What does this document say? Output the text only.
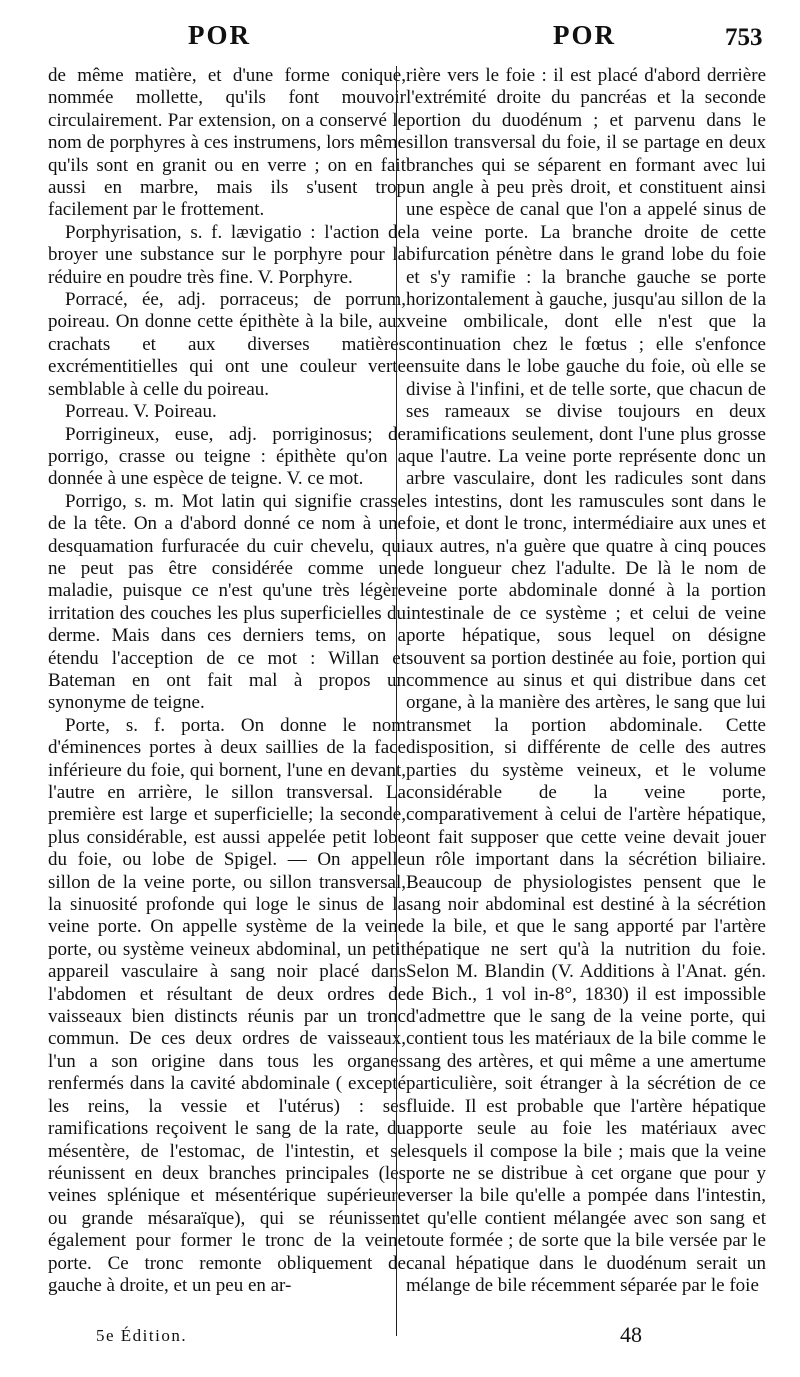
POR	POR	753

de même matière, et d'une forme conique, nommée mollette, qu'ils font mouvoir circulairement. Par extension, on a conservé le nom de porphyres à ces instrumens, lors même qu'ils sont en granit ou en verre ; on en fait aussi en marbre, mais ils s'usent trop facilement par le frottement.

Porphyrisation, s. f. lævigatio : l'action de broyer une substance sur le porphyre pour la réduire en poudre très fine. V. Porphyre.

Porracé, ée, adj. porraceus; de porrum, poireau. On donne cette épithète à la bile, aux crachats et aux diverses matières excrémentitielles qui ont une couleur verte semblable à celle du poireau.

Porreau. V. Poireau.

Porrigineux, euse, adj. porriginosus; de porrigo, crasse ou teigne : épithète qu'on a donnée à une espèce de teigne. V. ce mot.

Porrigo, s. m. Mot latin qui signifie crasse de la tête. On a d'abord donné ce nom à une desquamation furfuracée du cuir chevelu, qui ne peut pas être considérée comme une maladie, puisque ce n'est qu'une très légère irritation des couches les plus superficielles du derme. Mais dans ces derniers tems, on a étendu l'acception de ce mot : Willan et Bateman en ont fait mal à propos un synonyme de teigne.

Porte, s. f. porta. On donne le nom d'éminences portes à deux saillies de la face inférieure du foie, qui bornent, l'une en devant, l'autre en arrière, le sillon transversal. La première est large et superficielle; la seconde, plus considérable, est aussi appelée petit lobe du foie, ou lobe de Spigel. — On appelle sillon de la veine porte, ou sillon transversal, la sinuosité profonde qui loge le sinus de la veine porte. On appelle système de la veine porte, ou système veineux abdominal, un petit appareil vasculaire à sang noir placé dans l'abdomen et résultant de deux ordres de vaisseaux bien distincts réunis par un tronc commun. De ces deux ordres de vaisseaux, l'un a son origine dans tous les organes renfermés dans la cavité abdominale ( excepté les reins, la vessie et l'utérus) : ses ramifications reçoivent le sang de la rate, du mésentère, de l'estomac, de l'intestin, et se réunissent en deux branches principales (les veines splénique et mésentérique supérieure ou grande mésaraïque), qui se réunissent également pour former le tronc de la veine porte. Ce tronc remonte obliquement de gauche à droite, et un peu en ar-

rière vers le foie : il est placé d'abord derrière l'extrémité droite du pancréas et la seconde portion du duodénum ; et parvenu dans le sillon transversal du foie, il se partage en deux branches qui se séparent en formant avec lui un angle à peu près droit, et constituent ainsi une espèce de canal que l'on a appelé sinus de la veine porte. La branche droite de cette bifurcation pénètre dans le grand lobe du foie et s'y ramifie : la branche gauche se porte horizontalement à gauche, jusqu'au sillon de la veine ombilicale, dont elle n'est que la continuation chez le fœtus ; elle s'enfonce ensuite dans le lobe gauche du foie, où elle se divise à l'infini, et de telle sorte, que chacun de ses rameaux se divise toujours en deux ramifications seulement, dont l'une plus grosse que l'autre. La veine porte représente donc un arbre vasculaire, dont les radicules sont dans les intestins, dont les ramuscules sont dans le foie, et dont le tronc, intermédiaire aux unes et aux autres, n'a guère que quatre à cinq pouces de longueur chez l'adulte. De là le nom de veine porte abdominale donné à la portion intestinale de ce système ; et celui de veine porte hépatique, sous lequel on désigne souvent sa portion destinée au foie, portion qui commence au sinus et qui distribue dans cet organe, à la manière des artères, le sang que lui transmet la portion abdominale. Cette disposition, si différente de celle des autres parties du système veineux, et le volume considérable de la veine porte, comparativement à celui de l'artère hépatique, ont fait supposer que cette veine devait jouer un rôle important dans la sécrétion biliaire. Beaucoup de physiologistes pensent que le sang noir abdominal est destiné à la sécrétion de la bile, et que le sang apporté par l'artère hépatique ne sert qu'à la nutrition du foie. Selon M. Blandin (V. Additions à l'Anat. gén. de Bich., 1 vol in-8°, 1830) il est impossible d'admettre que le sang de la veine porte, qui contient tous les matériaux de la bile comme le sang des artères, et qui même a une amertume particulière, soit étranger à la sécrétion de ce fluide. Il est probable que l'artère hépatique apporte seule au foie les matériaux avec lesquels il compose la bile ; mais que la veine porte ne se distribue à cet organe que pour y verser la bile qu'elle a pompée dans l'intestin, et qu'elle contient mélangée avec son sang et toute formée ; de sorte que la bile versée par le canal hépatique dans le duodénum serait un mélange de bile récemment séparée par le foie

5e Édition.	48
